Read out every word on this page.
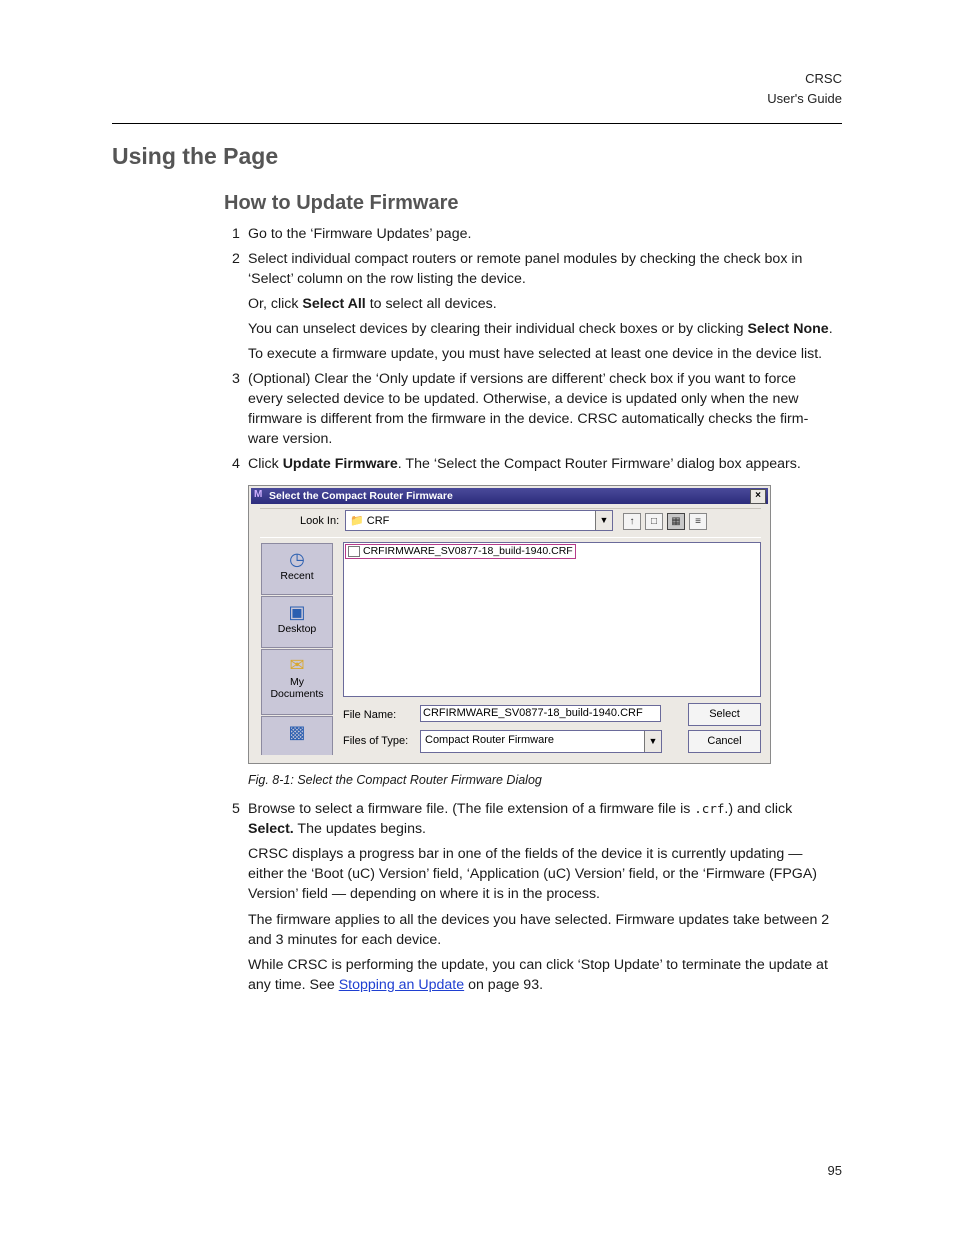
CRSC
User's Guide
Using the Page
How to Update Firmware
1 Go to the ‘Firmware Updates’ page.
2 Select individual compact routers or remote panel modules by checking the check box in
‘Select’ column on the row listing the device.
Or, click Select All to select all devices.
You can unselect devices by clearing their individual check boxes or by clicking Select None.
To execute a firmware update, you must have selected at least one device in the device list.
3 (Optional) Clear the ‘Only update if versions are different’ check box if you want to force
every selected device to be updated. Otherwise, a device is updated only when the new
firmware is different from the firmware in the device. CRSC automatically checks the firm-
ware version.
4 Click Update Firmware. The ‘Select the Compact Router Firmware’ dialog box appears.
M Select the Compact Router Firmware	×
Look In: 📁 CRF	▼	↑	□	▦	≡
◷
Recent
▣
Desktop
✉
My Documents
▩
CRFIRMWARE_SV0877-18_build-1940.CRF
File Name: CRFIRMWARE_SV0877-18_build-1940.CRF
Files of Type: Compact Router Firmware	▼
Select
Cancel
Fig. 8-1: Select the Compact Router Firmware Dialog
5 Browse to select a firmware file. (The file extension of a firmware file is .crf.) and click
Select. The updates begins.
CRSC displays a progress bar in one of the fields of the device it is currently updating —
either the ‘Boot (uC) Version’ field, ‘Application (uC) Version’ field, or the ‘Firmware (FPGA)
Version’ field — depending on where it is in the process.
The firmware applies to all the devices you have selected. Firmware updates take between 2
and 3 minutes for each device.
While CRSC is performing the update, you can click ‘Stop Update’ to terminate the update at
any time. See Stopping an Update on page 93.
95
